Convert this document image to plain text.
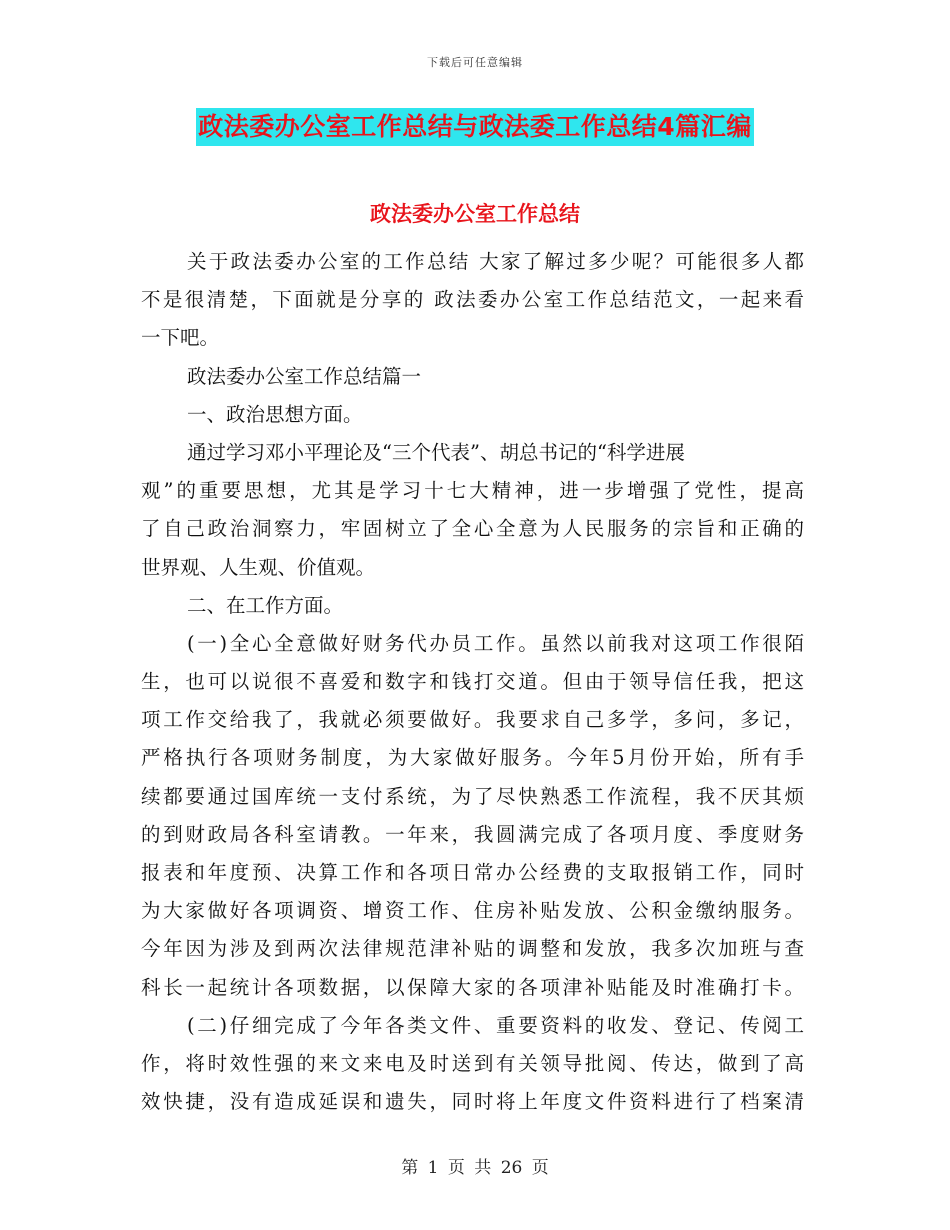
下载后可任意编辑
政法委办公室工作总结与政法委工作总结4篇汇编
政法委办公室工作总结
关于政法委办公室的工作总结 大家了解过多少呢？可能很多人都
不是很清楚，下面就是分享的 政法委办公室工作总结范文，一起来看
一下吧。
政法委办公室工作总结篇一
一、政治思想方面。
通过学习邓小平理论及“三个代表”、胡总书记的“科学进展
观”的重要思想，尤其是学习十七大精神，进一步增强了党性，提高
了自己政治洞察力，牢固树立了全心全意为人民服务的宗旨和正确的
世界观、人生观、价值观。
二、在工作方面。
(一)全心全意做好财务代办员工作。虽然以前我对这项工作很陌
生，也可以说很不喜爱和数字和钱打交道。但由于领导信任我，把这
项工作交给我了，我就必须要做好。我要求自己多学，多问，多记，
严格执行各项财务制度，为大家做好服务。今年5月份开始，所有手
续都要通过国库统一支付系统，为了尽快熟悉工作流程，我不厌其烦
的到财政局各科室请教。一年来，我圆满完成了各项月度、季度财务
报表和年度预、决算工作和各项日常办公经费的支取报销工作，同时
为大家做好各项调资、增资工作、住房补贴发放、公积金缴纳服务。
今年因为涉及到两次法律规范津补贴的调整和发放，我多次加班与查
科长一起统计各项数据，以保障大家的各项津补贴能及时准确打卡。
(二)仔细完成了今年各类文件、重要资料的收发、登记、传阅工
作，将时效性强的来文来电及时送到有关领导批阅、传达，做到了高
效快捷，没有造成延误和遗失，同时将上年度文件资料进行了档案清
第 1 页 共 26 页
